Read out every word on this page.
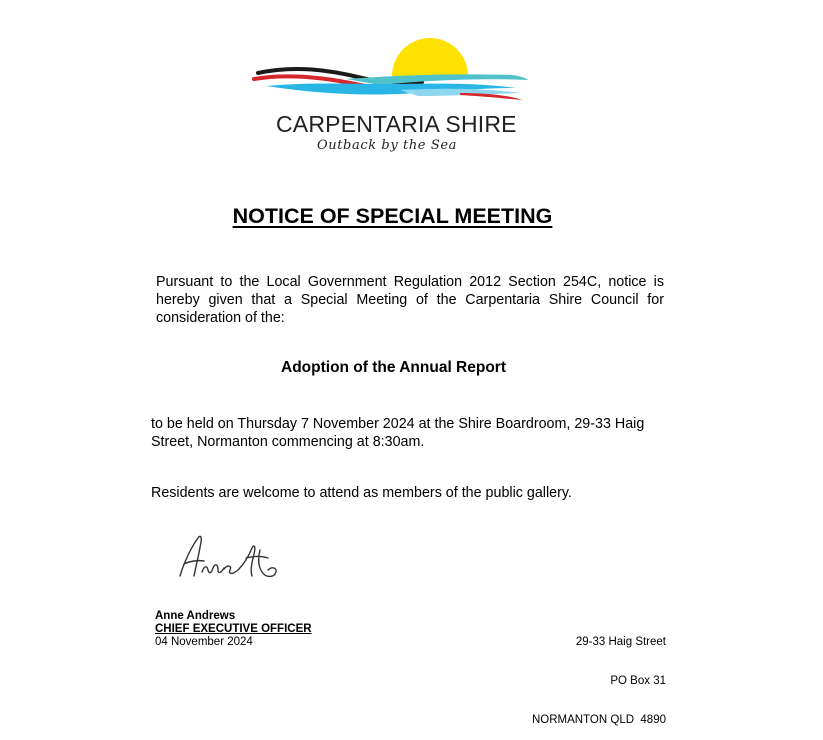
CARPENTARIA SHIRE
Outback by the Sea
NOTICE OF SPECIAL MEETING

Pursuant to the Local Government Regulation 2012 Section 254C, notice is hereby given that a Special Meeting of the Carpentaria Shire Council for consideration of the:

Adoption of the Annual Report

to be held on Thursday 7 November 2024 at the Shire Boardroom, 29-33 Haig Street, Normanton commencing at 8:30am.

Residents are welcome to attend as members of the public gallery.

Anne Andrews
CHIEF EXECUTIVE OFFICER
04 November 2024

	29-33 Haig Street

PO Box 31

NORMANTON QLD  4890
